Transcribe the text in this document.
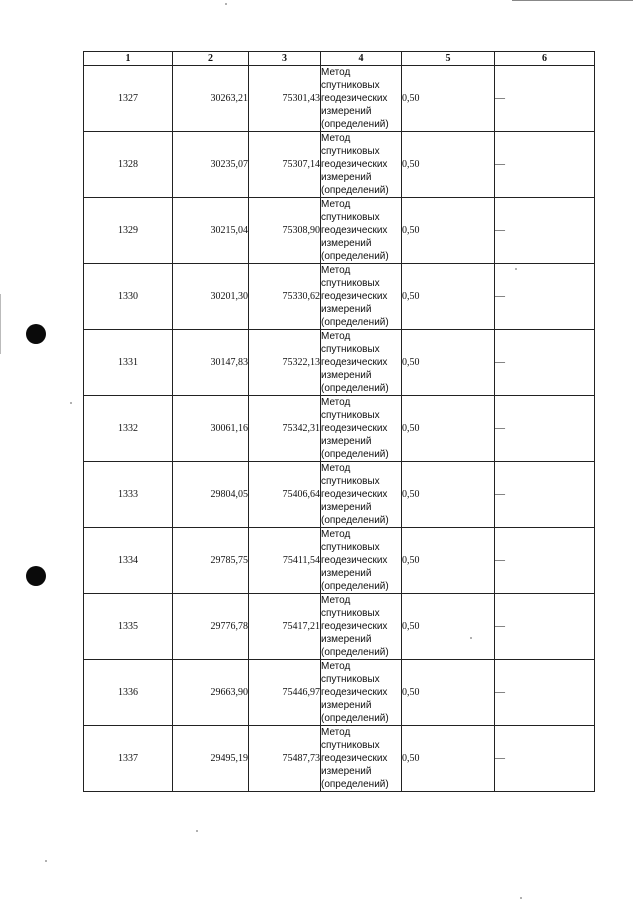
1	2	3	4	5	6
1327	30263,21	75301,43	Метод
спутниковых
геодезических
измерений
(определений)	0,50	—
1328	30235,07	75307,14	Метод
спутниковых
геодезических
измерений
(определений)	0,50	—
1329	30215,04	75308,90	Метод
спутниковых
геодезических
измерений
(определений)	0,50	—
1330	30201,30	75330,62	Метод
спутниковых
геодезических
измерений
(определений)	0,50	—
1331	30147,83	75322,13	Метод
спутниковых
геодезических
измерений
(определений)	0,50	—
1332	30061,16	75342,31	Метод
спутниковых
геодезических
измерений
(определений)	0,50	—
1333	29804,05	75406,64	Метод
спутниковых
геодезических
измерений
(определений)	0,50	—
1334	29785,75	75411,54	Метод
спутниковых
геодезических
измерений
(определений)	0,50	—
1335	29776,78	75417,21	Метод
спутниковых
геодезических
измерений
(определений)	0,50	—
1336	29663,90	75446,97	Метод
спутниковых
геодезических
измерений
(определений)	0,50	—
1337	29495,19	75487,73	Метод
спутниковых
геодезических
измерений
(определений)	0,50	—
